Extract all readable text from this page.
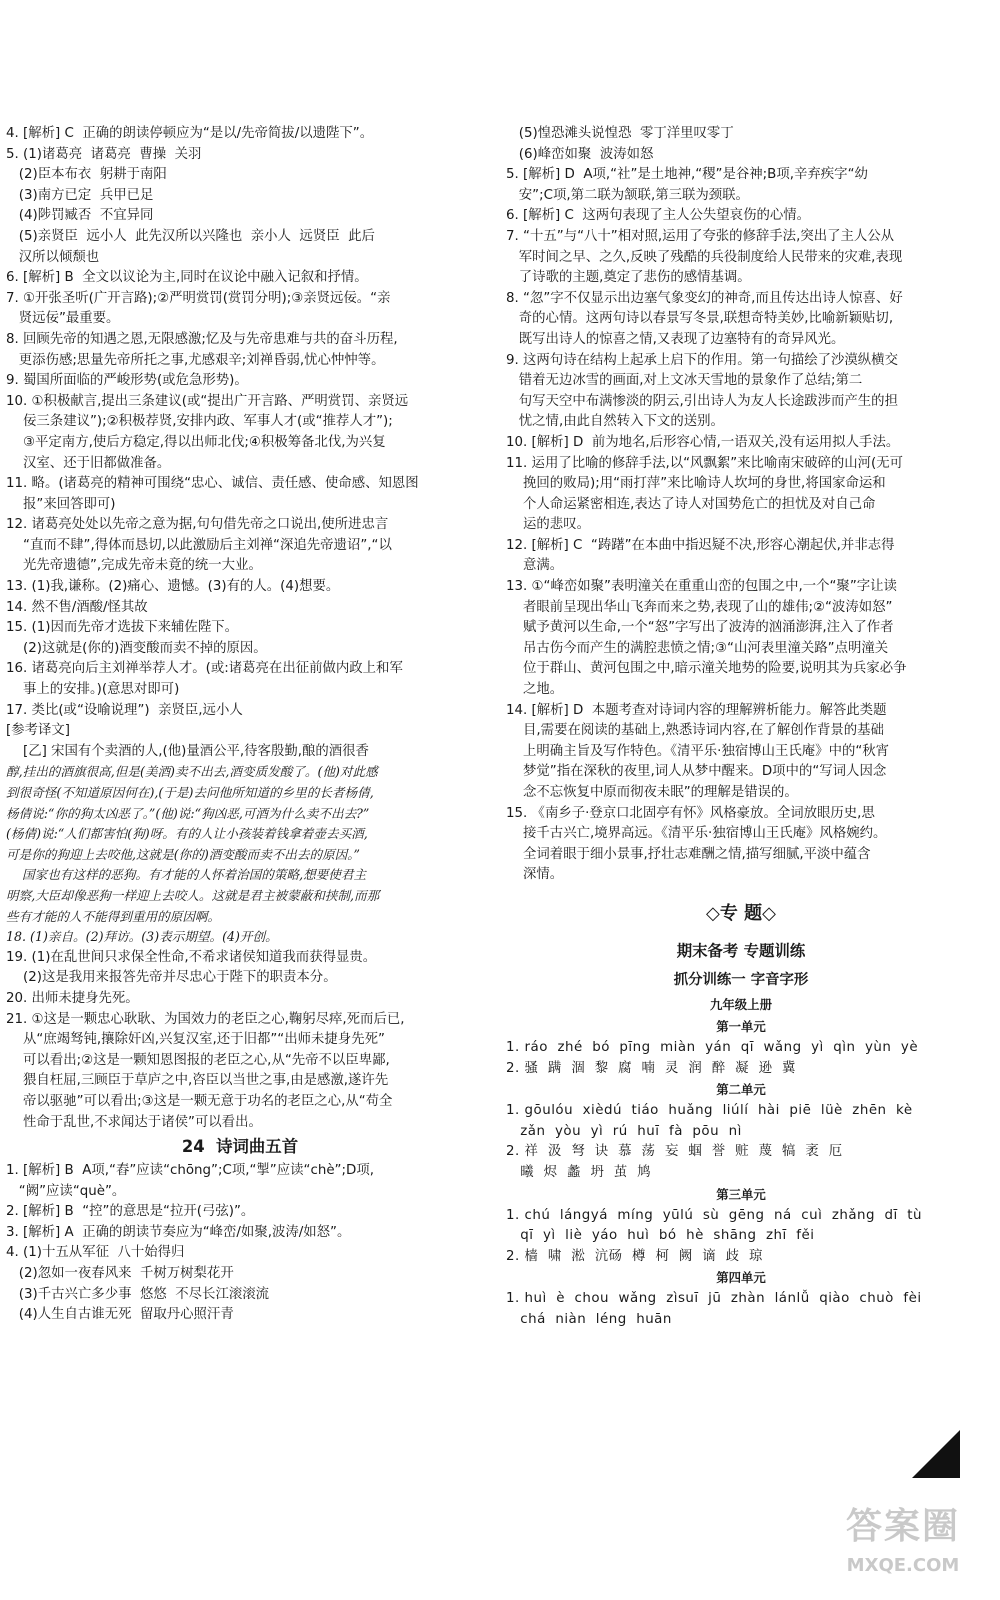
4. [解析] C  正确的朗读停顿应为“是以/先帝简拔/以遗陛下”。
5. (1)诸葛亮  诸葛亮  曹操  关羽
(2)臣本布衣  躬耕于南阳
(3)南方已定  兵甲已足
(4)陟罚臧否  不宜异同
(5)亲贤臣  远小人  此先汉所以兴隆也  亲小人  远贤臣  此后
汉所以倾颓也
6. [解析] B  全文以议论为主,同时在议论中融入记叙和抒情。
7. ①开张圣听(广开言路);②严明赏罚(赏罚分明);③亲贤远佞。“亲
贤远佞”最重要。
8. 回顾先帝的知遇之恩,无限感激;忆及与先帝患难与共的奋斗历程,
更添伤感;思量先帝所托之事,尤感艰辛;刘禅昏弱,忧心忡忡等。
9. 蜀国所面临的严峻形势(或危急形势)。
10. ①积极献言,提出三条建议(或“提出广开言路、严明赏罚、亲贤远
佞三条建议”);②积极荐贤,安排内政、军事人才(或“推荐人才”);
③平定南方,使后方稳定,得以出师北伐;④积极筹备北伐,为兴复
汉室、还于旧都做准备。
11. 略。(诸葛亮的精神可围绕“忠心、诚信、责任感、使命感、知恩图
报”来回答即可)
12. 诸葛亮处处以先帝之意为据,句句借先帝之口说出,使所进忠言
“直而不肆”,得体而恳切,以此激励后主刘禅“深追先帝遗诏”,“以
光先帝遗德”,完成先帝未竟的统一大业。
13. (1)我,谦称。(2)痛心、遗憾。(3)有的人。(4)想要。
14. 然不售/酒酸/怪其故
15. (1)因而先帝才选拔下来辅佐陛下。
(2)这就是(你的)酒变酸而卖不掉的原因。
16. 诸葛亮向后主刘禅举荐人才。(或:诸葛亮在出征前做内政上和军
事上的安排。)(意思对即可)
17. 类比(或“设喻说理”)  亲贤臣,远小人
[参考译文]
[乙] 宋国有个卖酒的人,(他)量酒公平,待客殷勤,酿的酒很香
醇,挂出的酒旗很高,但是(美酒)卖不出去,酒变质发酸了。(他)对此感
到很奇怪(不知道原因何在),(于是)去问他所知道的乡里的长者杨倩,
杨倩说:“你的狗太凶恶了。”(他)说:“狗凶恶,可酒为什么卖不出去?”
(杨倩)说:“人们都害怕(狗)呀。有的人让小孩装着钱拿着壶去买酒,
可是你的狗迎上去咬他,这就是(你的)酒变酸而卖不出去的原因。”
国家也有这样的恶狗。有才能的人怀着治国的策略,想要使君主
明察,大臣却像恶狗一样迎上去咬人。这就是君主被蒙蔽和挟制,而那
些有才能的人不能得到重用的原因啊。
18. (1)亲自。(2)拜访。(3)表示期望。(4)开创。
19. (1)在乱世间只求保全性命,不希求诸侯知道我而获得显贵。
(2)这是我用来报答先帝并尽忠心于陛下的职责本分。
20. 出师未捷身先死。
21. ①这是一颗忠心耿耿、为国效力的老臣之心,鞠躬尽瘁,死而后已,
从“庶竭驽钝,攘除奸凶,兴复汉室,还于旧都”“出师未捷身先死”
可以看出;②这是一颗知恩图报的老臣之心,从“先帝不以臣卑鄙,
猥自枉屈,三顾臣于草庐之中,咨臣以当世之事,由是感激,遂许先
帝以驱驰”可以看出;③这是一颗无意于功名的老臣之心,从“苟全
性命于乱世,不求闻达于诸侯”可以看出。
24  诗词曲五首
1. [解析] B  A项,“舂”应读“chōng”;C项,“掣”应读“chè”;D项,
“阙”应读“què”。
2. [解析] B  “控”的意思是“拉开(弓弦)”。
3. [解析] A  正确的朗读节奏应为“峰峦/如聚,波涛/如怒”。
4. (1)十五从军征  八十始得归
(2)忽如一夜春风来  千树万树梨花开
(3)千古兴亡多少事  悠悠  不尽长江滚滚流
(4)人生自古谁无死  留取丹心照汗青
(5)惶恐滩头说惶恐  零丁洋里叹零丁
(6)峰峦如聚  波涛如怒
5. [解析] D  A项,“社”是土地神,“稷”是谷神;B项,辛弃疾字“幼
安”;C项,第二联为颔联,第三联为颈联。
6. [解析] C  这两句表现了主人公失望哀伤的心情。
7. “十五”与“八十”相对照,运用了夸张的修辞手法,突出了主人公从
军时间之早、之久,反映了残酷的兵役制度给人民带来的灾难,表现
了诗歌的主题,奠定了悲伤的感情基调。
8. “忽”字不仅显示出边塞气象变幻的神奇,而且传达出诗人惊喜、好
奇的心情。这两句诗以春景写冬景,联想奇特美妙,比喻新颖贴切,
既写出诗人的惊喜之情,又表现了边塞特有的奇异风光。
9. 这两句诗在结构上起承上启下的作用。第一句描绘了沙漠纵横交
错着无边冰雪的画面,对上文冰天雪地的景象作了总结;第二
句写天空中布满惨淡的阴云,引出诗人为友人长途跋涉而产生的担
忧之情,由此自然转入下文的送别。
10. [解析] D  前为地名,后形容心情,一语双关,没有运用拟人手法。
11. 运用了比喻的修辞手法,以“风飘絮”来比喻南宋破碎的山河(无可
挽回的败局);用“雨打萍”来比喻诗人坎坷的身世,将国家命运和
个人命运紧密相连,表达了诗人对国势危亡的担忧及对自己命
运的悲叹。
12. [解析] C  “踌躇”在本曲中指迟疑不决,形容心潮起伏,并非志得
意满。
13. ①“峰峦如聚”表明潼关在重重山峦的包围之中,一个“聚”字让读
者眼前呈现出华山飞奔而来之势,表现了山的雄伟;②“波涛如怒”
赋予黄河以生命,一个“怒”字写出了波涛的汹涌澎湃,注入了作者
吊古伤今而产生的满腔悲愤之情;③“山河表里潼关路”点明潼关
位于群山、黄河包围之中,暗示潼关地势的险要,说明其为兵家必争
之地。
14. [解析] D  本题考查对诗词内容的理解辨析能力。解答此类题
目,需要在阅读的基础上,熟悉诗词内容,在了解创作背景的基础
上明确主旨及写作特色。《清平乐·独宿博山王氏庵》中的“秋宵
梦觉”指在深秋的夜里,词人从梦中醒来。D项中的“写词人因念
念不忘恢复中原而彻夜未眠”的理解是错误的。
15. 《南乡子·登京口北固亭有怀》风格豪放。全词放眼历史,思
接千古兴亡,境界高远。《清平乐·独宿博山王氏庵》风格婉约。
全词着眼于细小景事,抒壮志难酬之情,描写细腻,平淡中蕴含
深情。
◇专 题◇
期末备考 专题训练
抓分训练一 字音字形
九年级上册
第一单元
1. ráo  zhé  bó  pīng  miàn  yán  qī  wǎng  yì  qìn  yùn  yè
2. 骚  蹒  涸  黎  腐  喃  灵  润  醉  凝  逊  冀
第二单元
1. gōulóu  xièdú  tiáo  huǎng  liúlí  hài  piē  lüè  zhēn  kè
zǎn  yòu  yì  rú  huī  fà  pōu  nì
2. 祥  汲  弩  诀  慕  荡  妄  蝈  誉  赃  蔑  犒  袤  厄
曦  烬  蠡  坍  茧  鸠
第三单元
1. chú  lángyá  míng  yūlú  sù  gēng  ná  cuì  zhǎng  dī  tù
qī  yì  liè  yáo  huì  bó  hè  shāng  zhī  fěi
2. 樯  啸  淞  沆砀  樽  柯  阙  谪  歧  琼
第四单元
1. huì  è  chou  wǎng  zìsuī  jū  zhàn  lánlǚ  qiào  chuò  fèi
chá  niàn  léng  huān
答案圈
MXQE.COM
